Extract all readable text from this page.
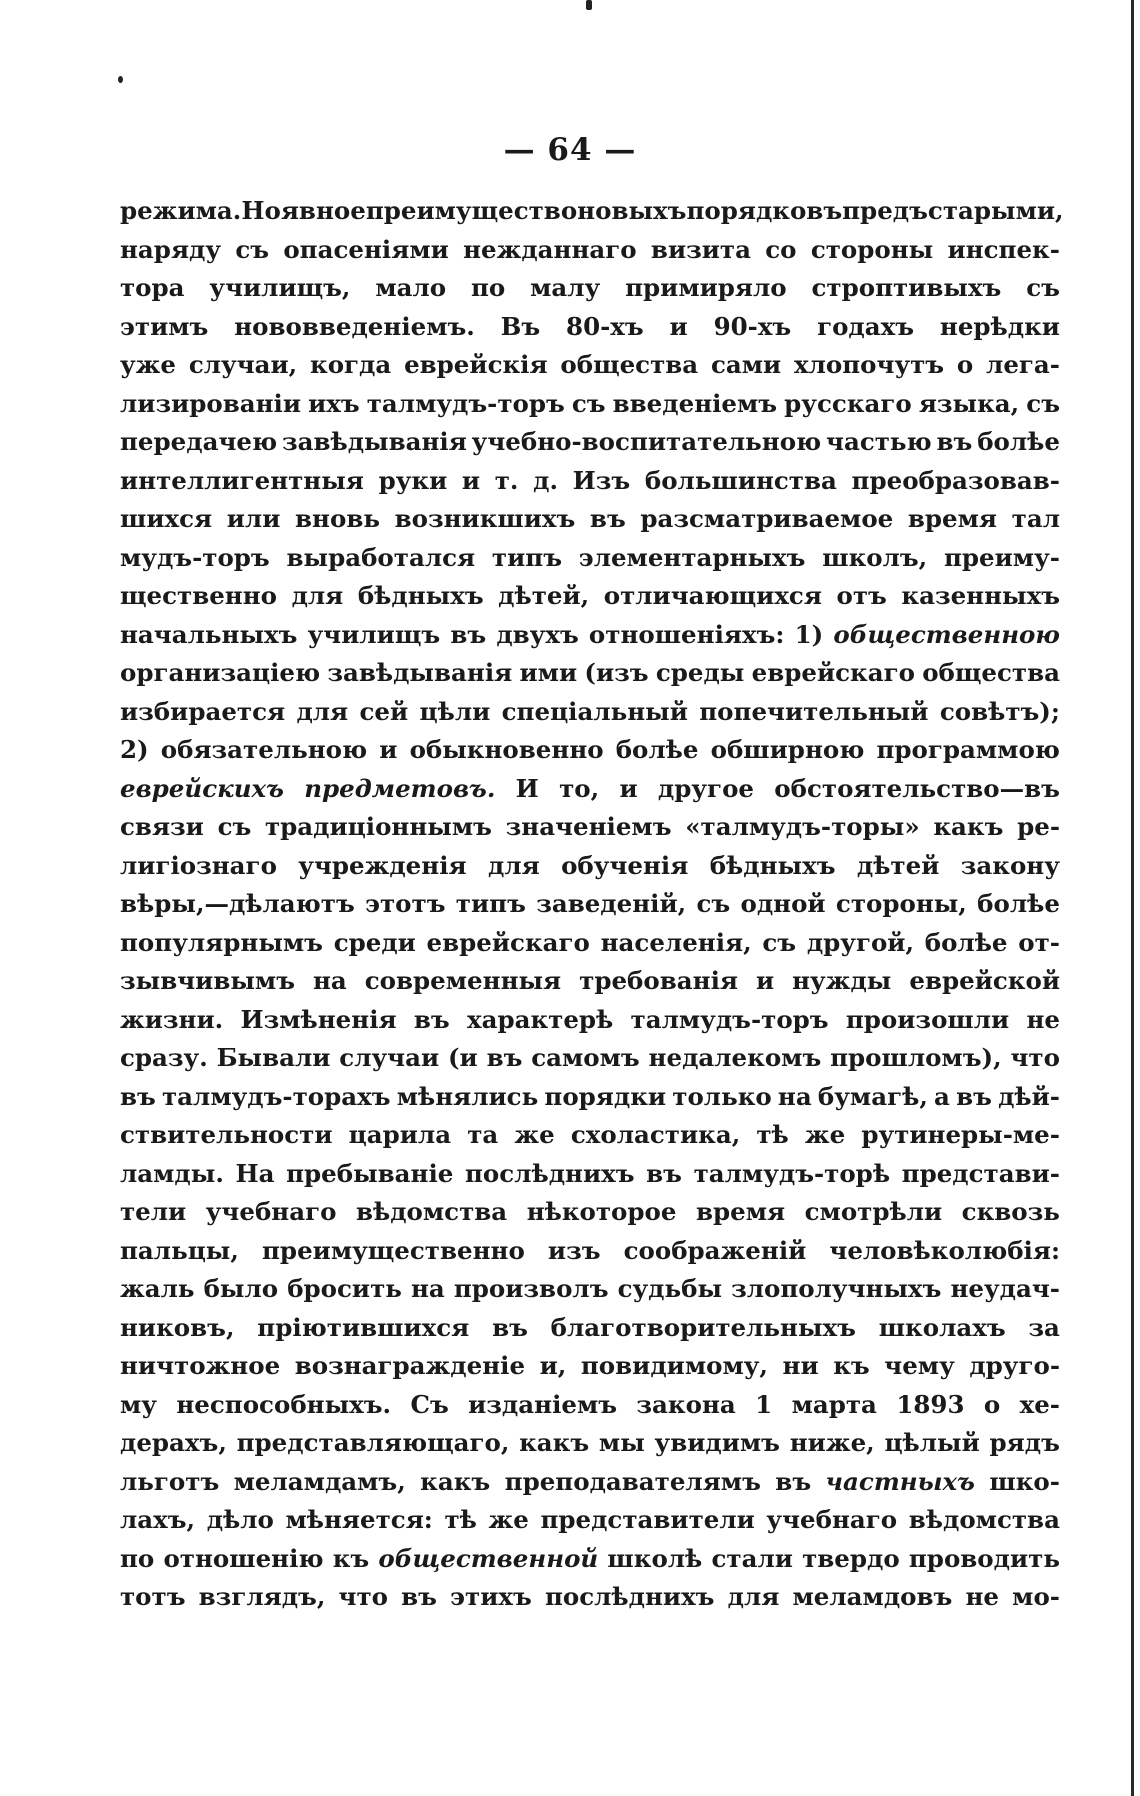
— 64 —
режима. Но явное преимущество новыхъ порядковъ предъ старыми,
наряду съ опасеніями нежданнаго визита со стороны инспек-
тора училищъ, мало по малу примиряло строптивыхъ съ
этимъ нововведеніемъ. Въ 80-хъ и 90-хъ годахъ нерѣдки
уже случаи, когда еврейскія общества сами хлопочутъ о лега-
лизированіи ихъ талмудъ-торъ съ введеніемъ русскаго языка, съ
передачею завѣдыванія учебно-воспитательною частью въ болѣе
интеллигентныя руки и т. д. Изъ большинства преобразовав-
шихся или вновь возникшихъ въ разсматриваемое время тал
мудъ-торъ выработался типъ элементарныхъ школъ, преиму-
щественно для бѣдныхъ дѣтей, отличающихся отъ казенныхъ
начальныхъ училищъ въ двухъ отношеніяхъ: 1) общественною
организаціею завѣдыванія ими (изъ среды еврейскаго общества
избирается для сей цѣли спеціальный попечительный совѣтъ);
2) обязательною и обыкновенно болѣе обширною программою
еврейскихъ предметовъ. И то, и другое обстоятельство—въ
связи съ традиціоннымъ значеніемъ «талмудъ-торы» какъ ре-
лигіознаго учрежденія для обученія бѣдныхъ дѣтей закону
вѣры,—дѣлаютъ этотъ типъ заведеній, съ одной стороны, болѣе
популярнымъ среди еврейскаго населенія, съ другой, болѣе от-
зывчивымъ на современныя требованія и нужды еврейской
жизни. Измѣненія въ характерѣ талмудъ-торъ произошли не
сразу. Бывали случаи (и въ самомъ недалекомъ прошломъ), что
въ талмудъ-торахъ мѣнялись порядки только на бумагѣ, а въ дѣй-
ствительности царила та же схоластика, тѣ же рутинеры-ме-
ламды. На пребываніе послѣднихъ въ талмудъ-торѣ представи-
тели учебнаго вѣдомства нѣкоторое время смотрѣли сквозь
пальцы, преимущественно изъ соображеній человѣколюбія:
жаль было бросить на произволъ судьбы злополучныхъ неудач-
никовъ, пріютившихся въ благотворительныхъ школахъ за
ничтожное вознагражденіе и, повидимому, ни къ чему друго-
му неспособныхъ. Съ изданіемъ закона 1 марта 1893 о хе-
дерахъ, представляющаго, какъ мы увидимъ ниже, цѣлый рядъ
льготъ меламдамъ, какъ преподавателямъ въ частныхъ шко-
лахъ, дѣло мѣняется: тѣ же представители учебнаго вѣдомства
по отношенію къ общественной школѣ стали твердо проводить
тотъ взглядъ, что въ этихъ послѣднихъ для меламдовъ не мо-
